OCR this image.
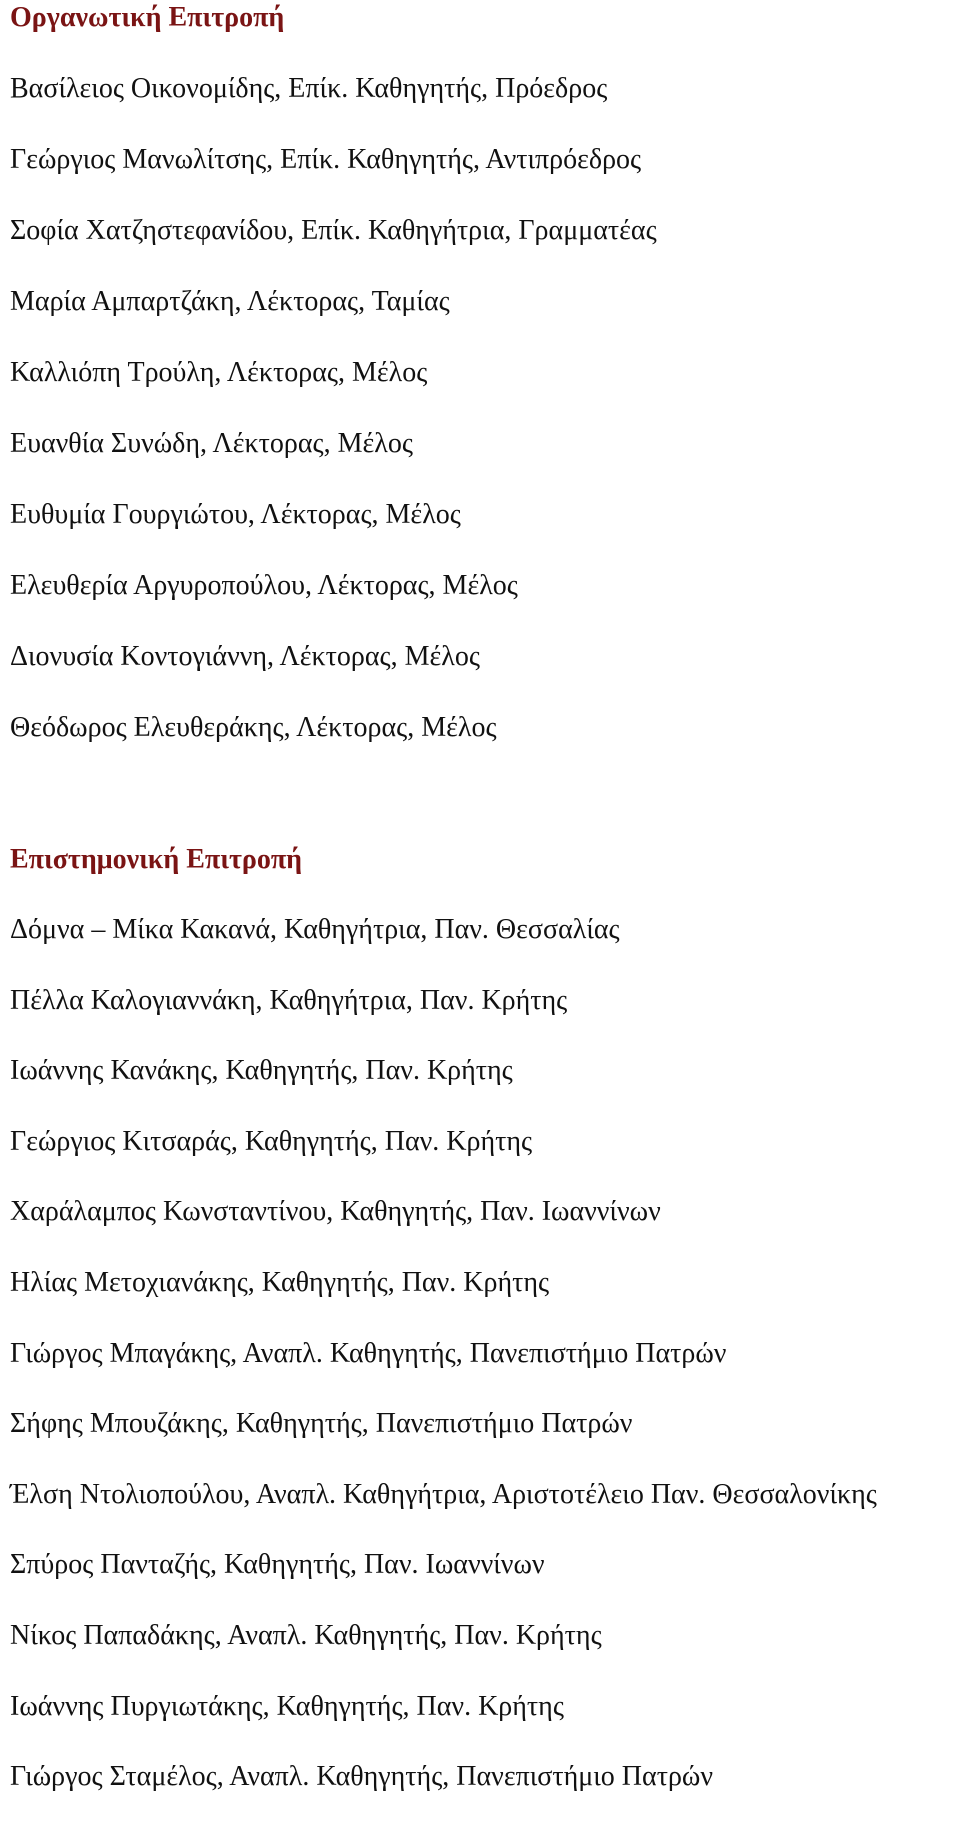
Οργανωτική Επιτροπή
Βασίλειος Οικονομίδης, Επίκ. Καθηγητής, Πρόεδρος
Γεώργιος Μανωλίτσης, Επίκ. Καθηγητής, Αντιπρόεδρος
Σοφία Χατζηστεφανίδου, Επίκ. Καθηγήτρια, Γραμματέας
Μαρία Αμπαρτζάκη, Λέκτορας, Ταμίας
Καλλιόπη Τρούλη, Λέκτορας, Μέλος
Ευανθία Συνώδη, Λέκτορας, Μέλος
Ευθυμία Γουργιώτου, Λέκτορας, Μέλος
Ελευθερία Αργυροπούλου, Λέκτορας, Μέλος
Διονυσία Κοντογιάννη, Λέκτορας, Μέλος
Θεόδωρος Ελευθεράκης, Λέκτορας, Μέλος
Επιστημονική Επιτροπή
Δόμνα – Μίκα Κακανά, Καθηγήτρια, Παν. Θεσσαλίας
Πέλλα Καλογιαννάκη, Καθηγήτρια, Παν. Κρήτης
Ιωάννης Κανάκης, Καθηγητής, Παν. Κρήτης
Γεώργιος Κιτσαράς, Καθηγητής, Παν. Κρήτης
Χαράλαμπος Κωνσταντίνου, Καθηγητής, Παν. Ιωαννίνων
Ηλίας Μετοχιανάκης, Καθηγητής, Παν. Κρήτης
Γιώργος Μπαγάκης, Αναπλ. Καθηγητής, Πανεπιστήμιο Πατρών
Σήφης Μπουζάκης, Καθηγητής, Πανεπιστήμιο Πατρών
Έλση Ντολιοπούλου, Αναπλ. Καθηγήτρια, Αριστοτέλειο Παν. Θεσσαλονίκης
Σπύρος Πανταζής, Καθηγητής, Παν. Ιωαννίνων
Νίκος Παπαδάκης, Αναπλ. Καθηγητής, Παν. Κρήτης
Ιωάννης Πυργιωτάκης, Καθηγητής, Παν. Κρήτης
Γιώργος Σταμέλος, Αναπλ. Καθηγητής, Πανεπιστήμιο Πατρών
